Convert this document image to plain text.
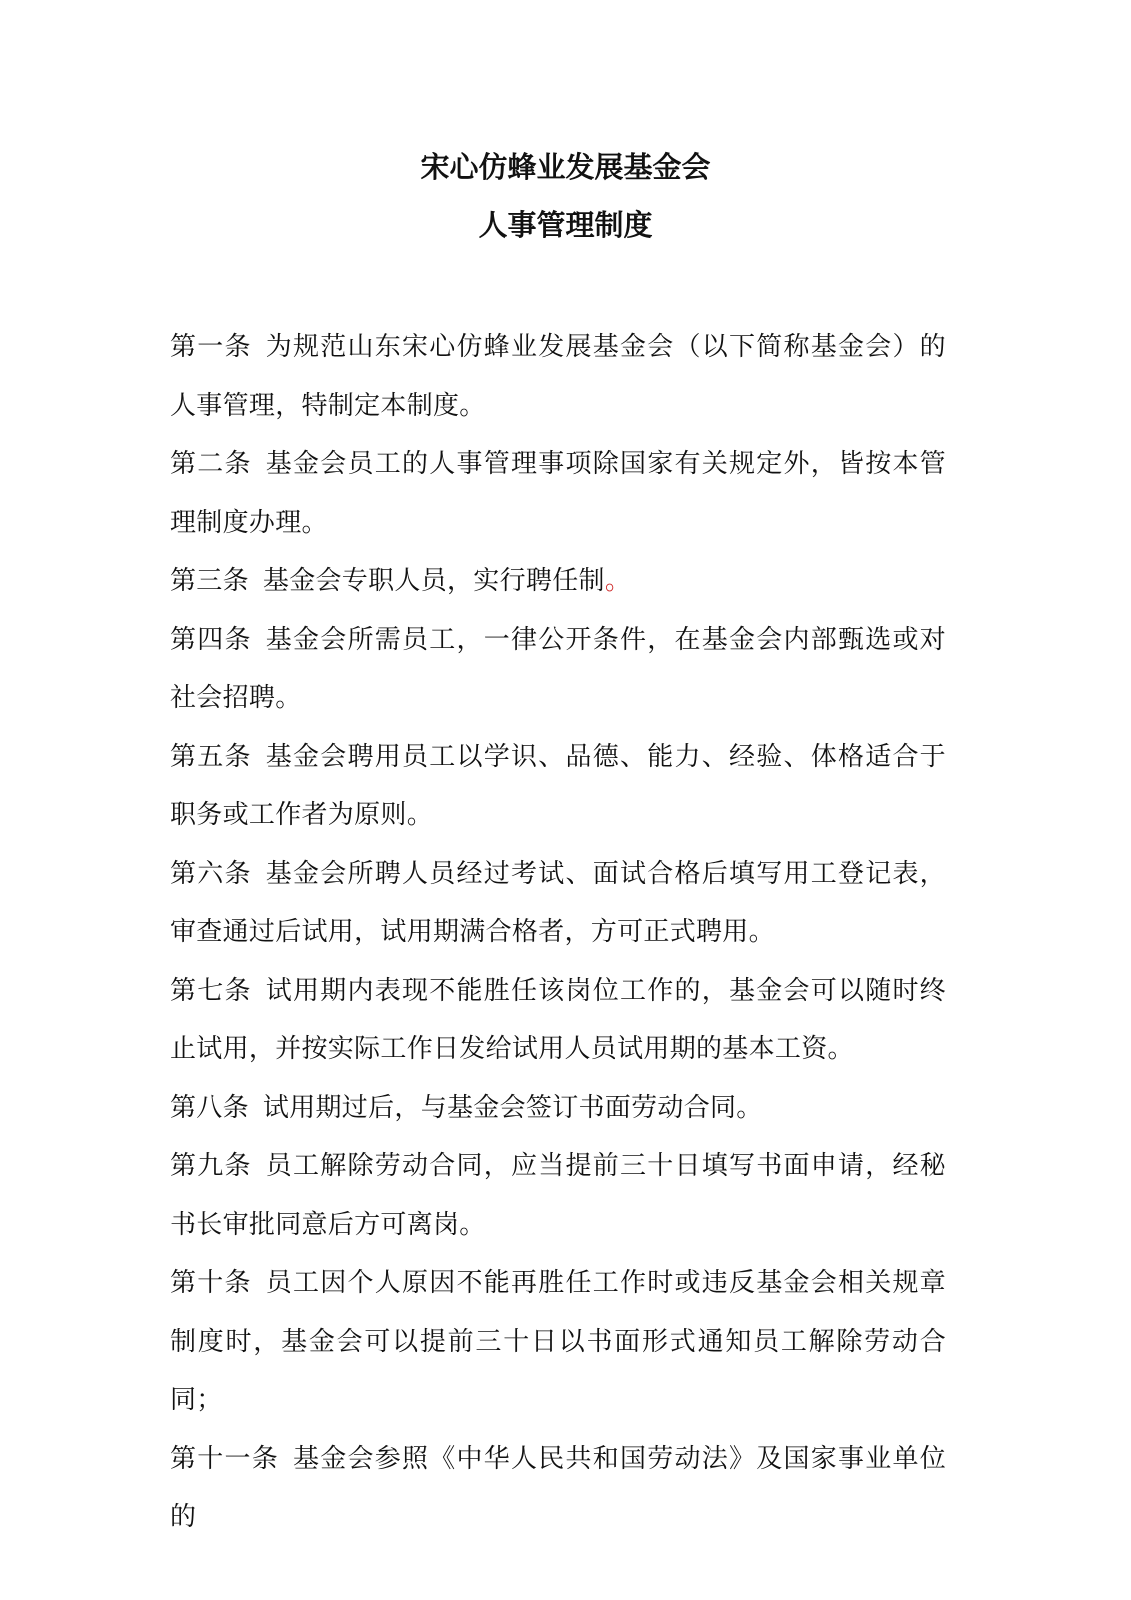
宋心仿蜂业发展基金会
人事管理制度

第一条 为规范山东宋心仿蜂业发展基金会（以下简称基金会）的人事管理，特制定本制度。

第二条 基金会员工的人事管理事项除国家有关规定外，皆按本管理制度办理。

第三条 基金会专职人员，实行聘任制。

第四条 基金会所需员工，一律公开条件，在基金会内部甄选或对社会招聘。

第五条 基金会聘用员工以学识、品德、能力、经验、体格适合于职务或工作者为原则。

第六条 基金会所聘人员经过考试、面试合格后填写用工登记表，审查通过后试用，试用期满合格者，方可正式聘用。

第七条 试用期内表现不能胜任该岗位工作的，基金会可以随时终止试用，并按实际工作日发给试用人员试用期的基本工资。

第八条 试用期过后，与基金会签订书面劳动合同。

第九条 员工解除劳动合同，应当提前三十日填写书面申请，经秘书长审批同意后方可离岗。

第十条 员工因个人原因不能再胜任工作时或违反基金会相关规章制度时，基金会可以提前三十日以书面形式通知员工解除劳动合同；

第十一条 基金会参照《中华人民共和国劳动法》及国家事业单位的
